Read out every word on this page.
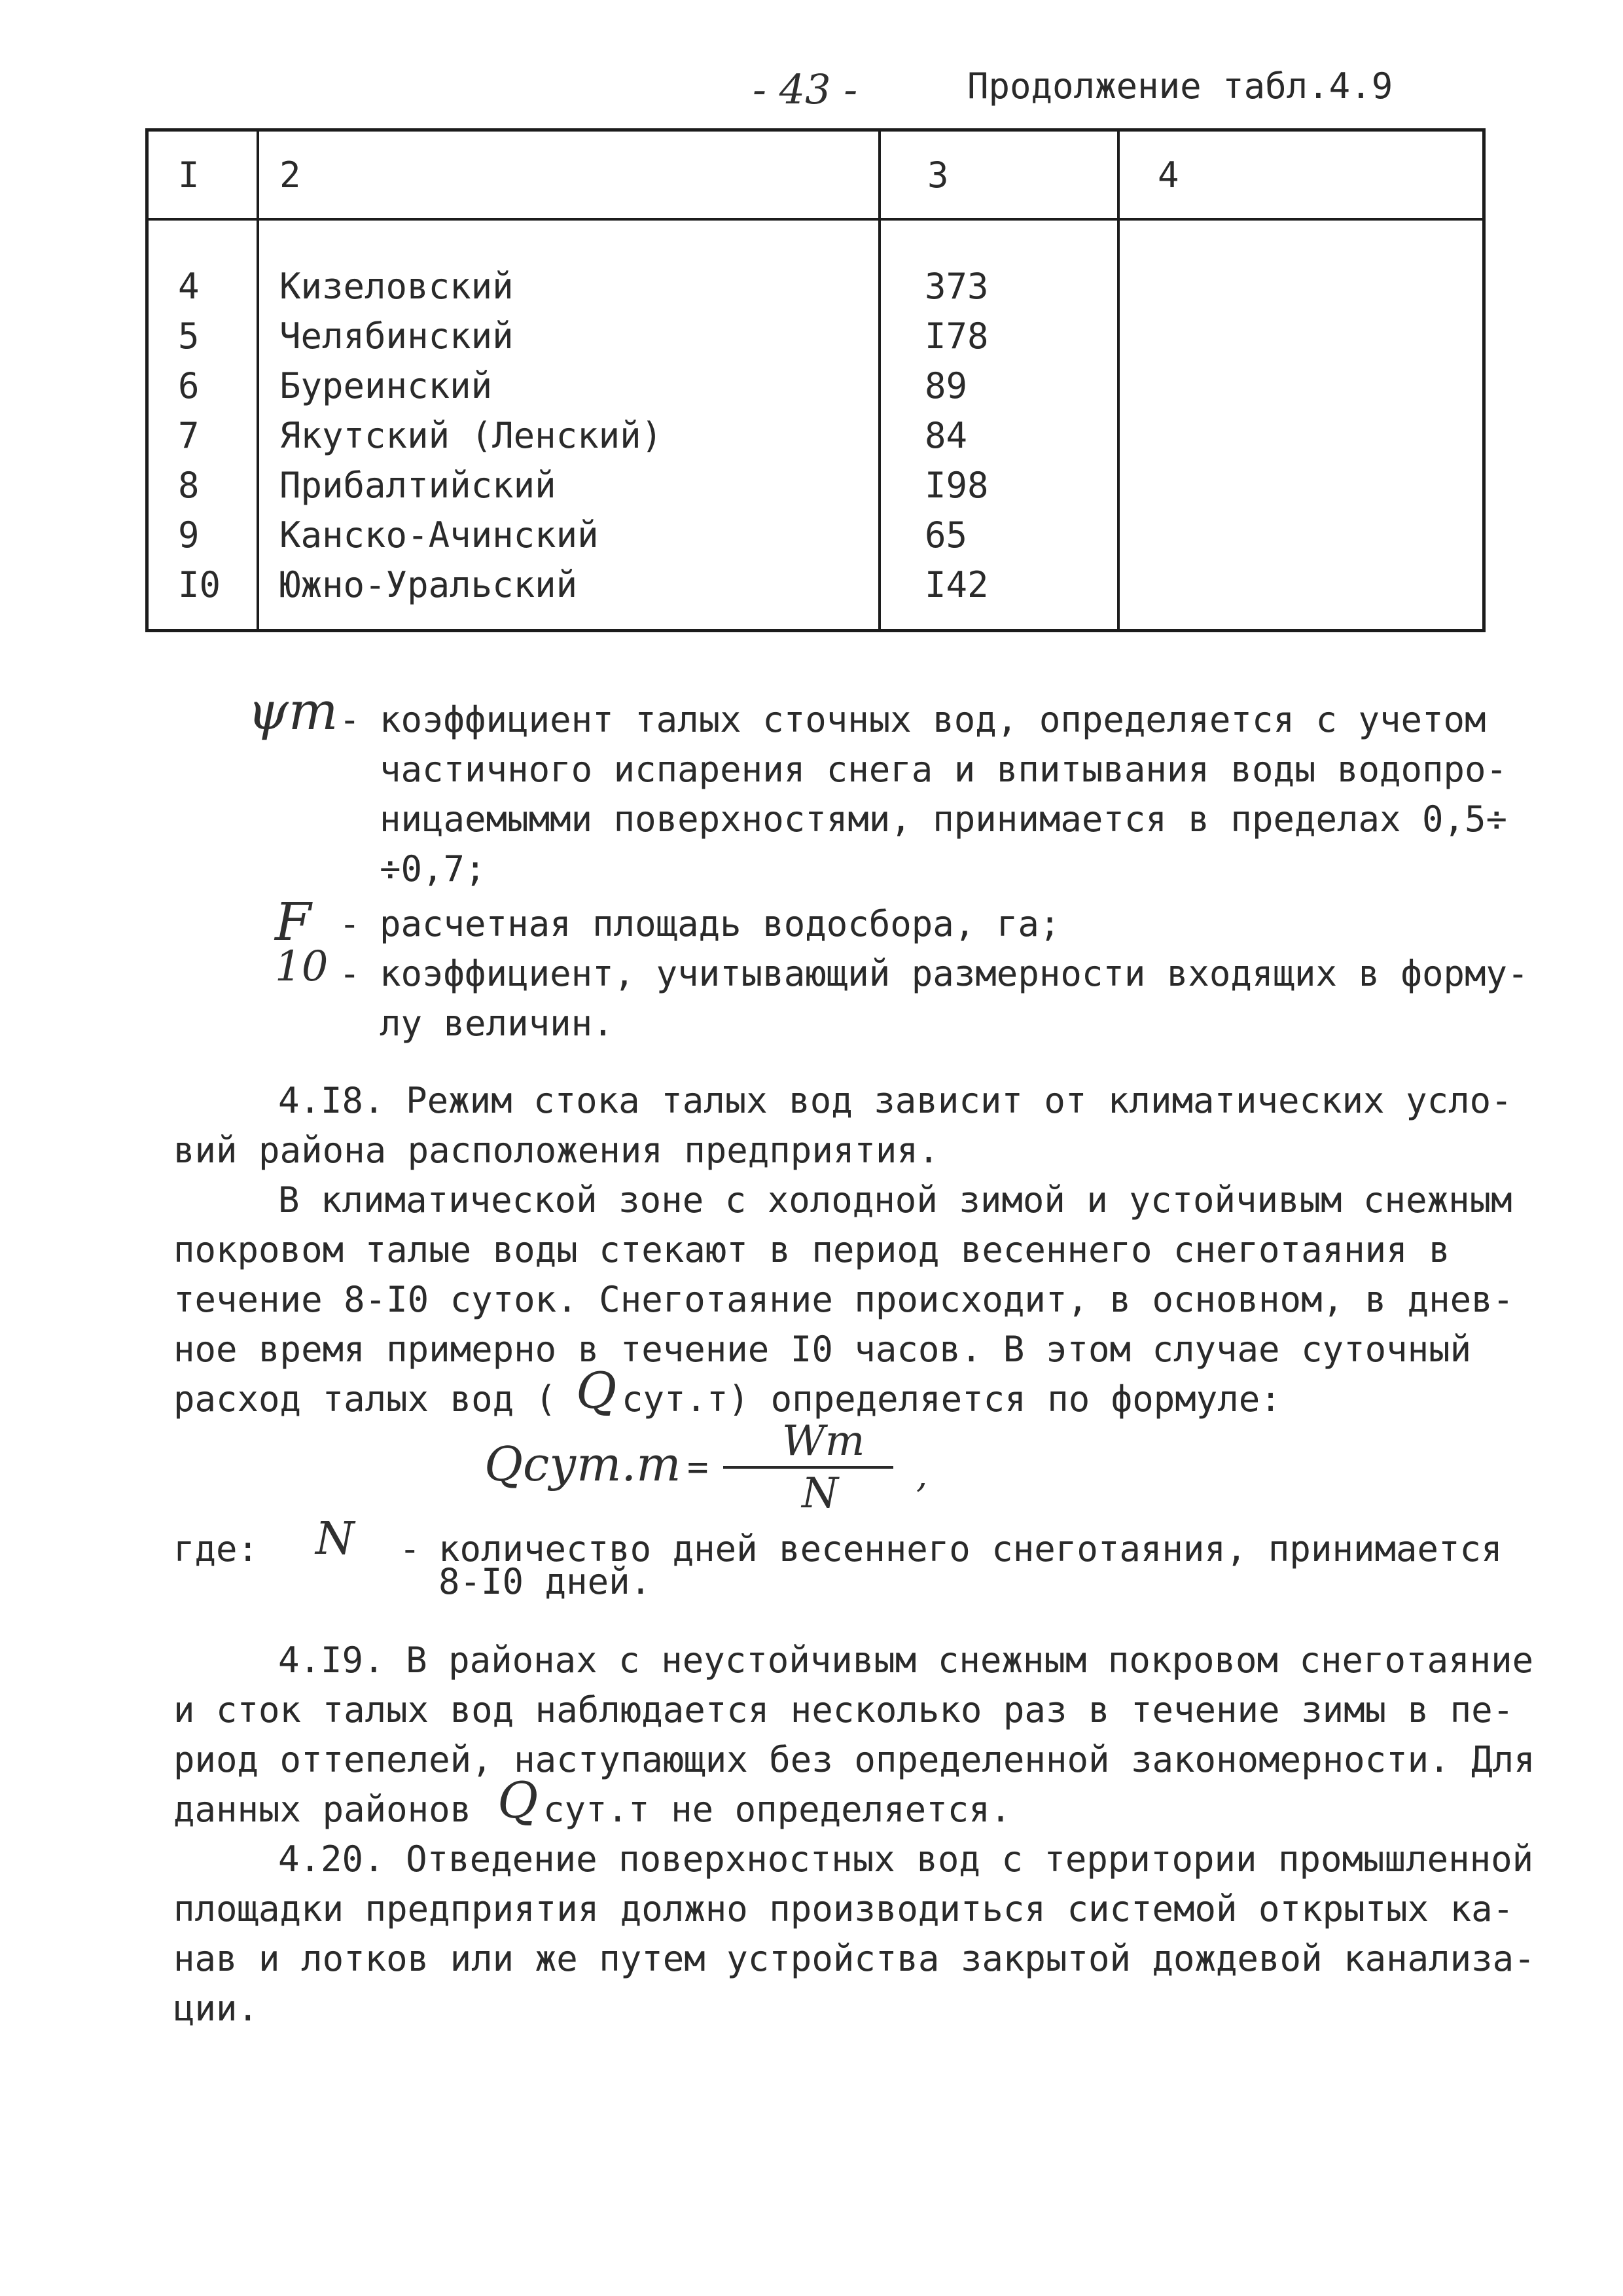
- 43 -	Продолжение табл.4.9
I 2	3	4
4 Кизеловский	373
5 Челябинский	I78
6 Буреинский	89
7 Якутский (Ленский)	84
8 Прибалтийский	I98
9 Канско-Ачинский	65
I0 Южно-Уральский	I42
ψт - коэффициент талых сточных вод, определяется с учетом
частичного испарения снега и впитывания воды водопро-
ницаемымми поверхностями, принимается в пределах 0,5÷
÷0,7;
F - расчетная площадь водосбора, га;
10 - коэффициент, учитывающий размерности входящих в форму-
лу величин.
4.I8. Режим стока талых вод зависит от климатических усло-
вий района расположения предприятия.
В климатической зоне с холодной зимой и устойчивым снежным
покровом талые воды стекают в период весеннего снеготаяния в
течение 8-I0 суток. Снеготаяние происходит, в основном, в днев-
ное время примерно в течение I0 часов. В этом случае суточный
расход талых вод ( Q сут.т) определяется по формуле:
Qсут.т =
Wт
N ,
где: N - количество дней весеннего снеготаяния, принимается
8-I0 дней.
4.I9. В районах с неустойчивым снежным покровом снеготаяние
и сток талых вод наблюдается несколько раз в течение зимы в пе-
риод оттепелей, наступающих без определенной закономерности. Для
данных районов Q сут.т не определяется.
4.20. Отведение поверхностных вод с территории промышленной
площадки предприятия должно производиться системой открытых ка-
нав и лотков или же путем устройства закрытой дождевой канализа-
ции.
